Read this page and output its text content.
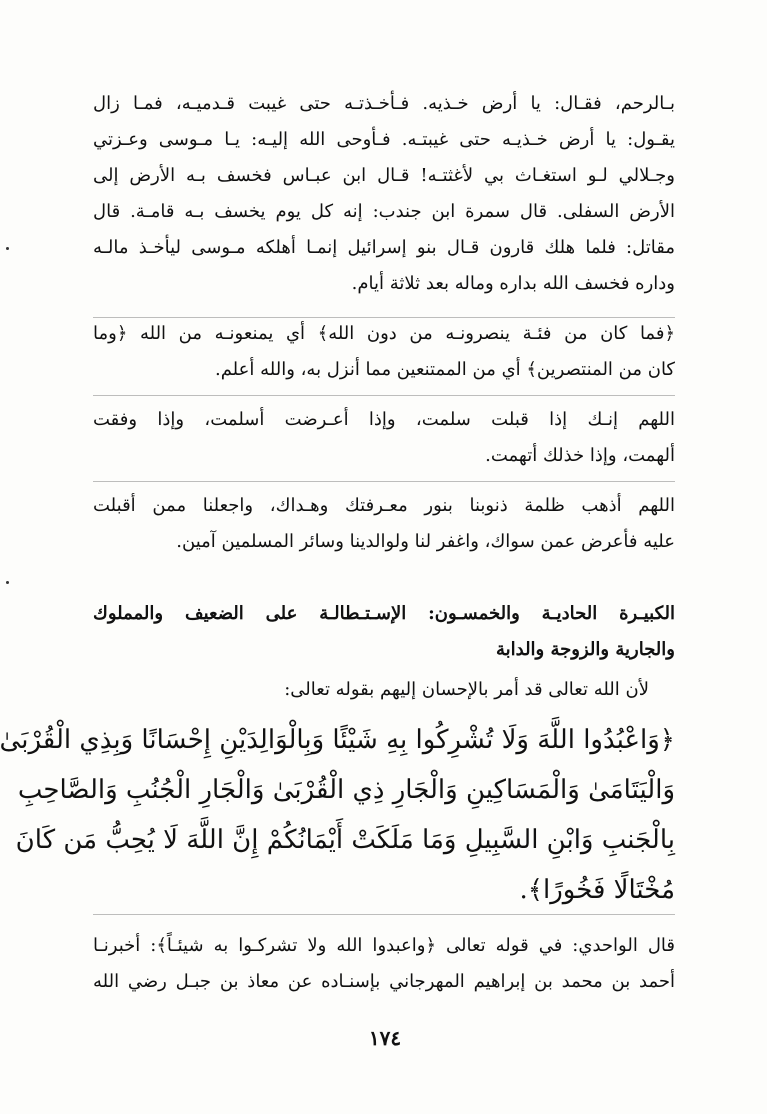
بـالرحم، فقـال: يا أرض خـذيه. فـأخـذتـه حتى غيبت قـدميـه، فمـا زال
يقـول: يا أرض خـذيـه حتى غيبتـه. فـأوحى الله إليـه: يـا مـوسى وعـزتي
وجـلالي لـو استغـاث بي لأغثتـه! قـال ابن عبـاس فخسف بـه الأرض إلى
الأرض السفلى. قال سمرة ابن جندب: إنه كل يوم يخسف بـه قامـة. قال
مقاتل: فلما هلك قارون قـال بنو إسرائيل إنمـا أهلكه مـوسى ليأخـذ مالـه
وداره فخسف الله بداره وماله بعد ثلاثة أيام.
﴿فما كان من فئـة ينصرونـه من دون الله﴾ أي يمنعونـه من الله ﴿وما
كان من المنتصرين﴾ أي من الممتنعين مما أنزل به، والله أعلم.
اللهم إنـك إذا قبلت سلمت، وإذا أعـرضت أسلمت، وإذا وفقت
ألهمت، وإذا خذلك أتهمت.
اللهم أذهب ظلمة ذنوبنا بنور معـرفتك وهـداك، واجعلنا ممن أقبلت
عليه فأعرض عمن سواك، واغفر لنا ولوالدينا وسائر المسلمين آمين.
الكبيـرة الحاديـة والخمسـون: الإسـتـطالـة على الضعيف والمملوك
والجارية والزوجة والدابة
لأن الله تعالى قد أمر بالإحسان إليهم بقوله تعالى:
﴿وَاعْبُدُوا اللَّهَ وَلَا تُشْرِكُوا بِهِ شَيْئًا وَبِالْوَالِدَيْنِ إِحْسَانًا وَبِذِي الْقُرْبَىٰ
وَالْيَتَامَىٰ وَالْمَسَاكِينِ وَالْجَارِ ذِي الْقُرْبَىٰ وَالْجَارِ الْجُنُبِ وَالصَّاحِبِ
بِالْجَنبِ وَابْنِ السَّبِيلِ وَمَا مَلَكَتْ أَيْمَانُكُمْ إِنَّ اللَّهَ لَا يُحِبُّ مَن كَانَ
مُخْتَالًا فَخُورًا﴾.
قال الواحدي: في قوله تعالى ﴿واعبدوا الله ولا تشركـوا به شيئـاً﴾: أخبرنـا
أحمد بن محمد بن إبراهيم المهرجاني بإسنـاده عن معاذ بن جبـل رضي الله
١٧٤
